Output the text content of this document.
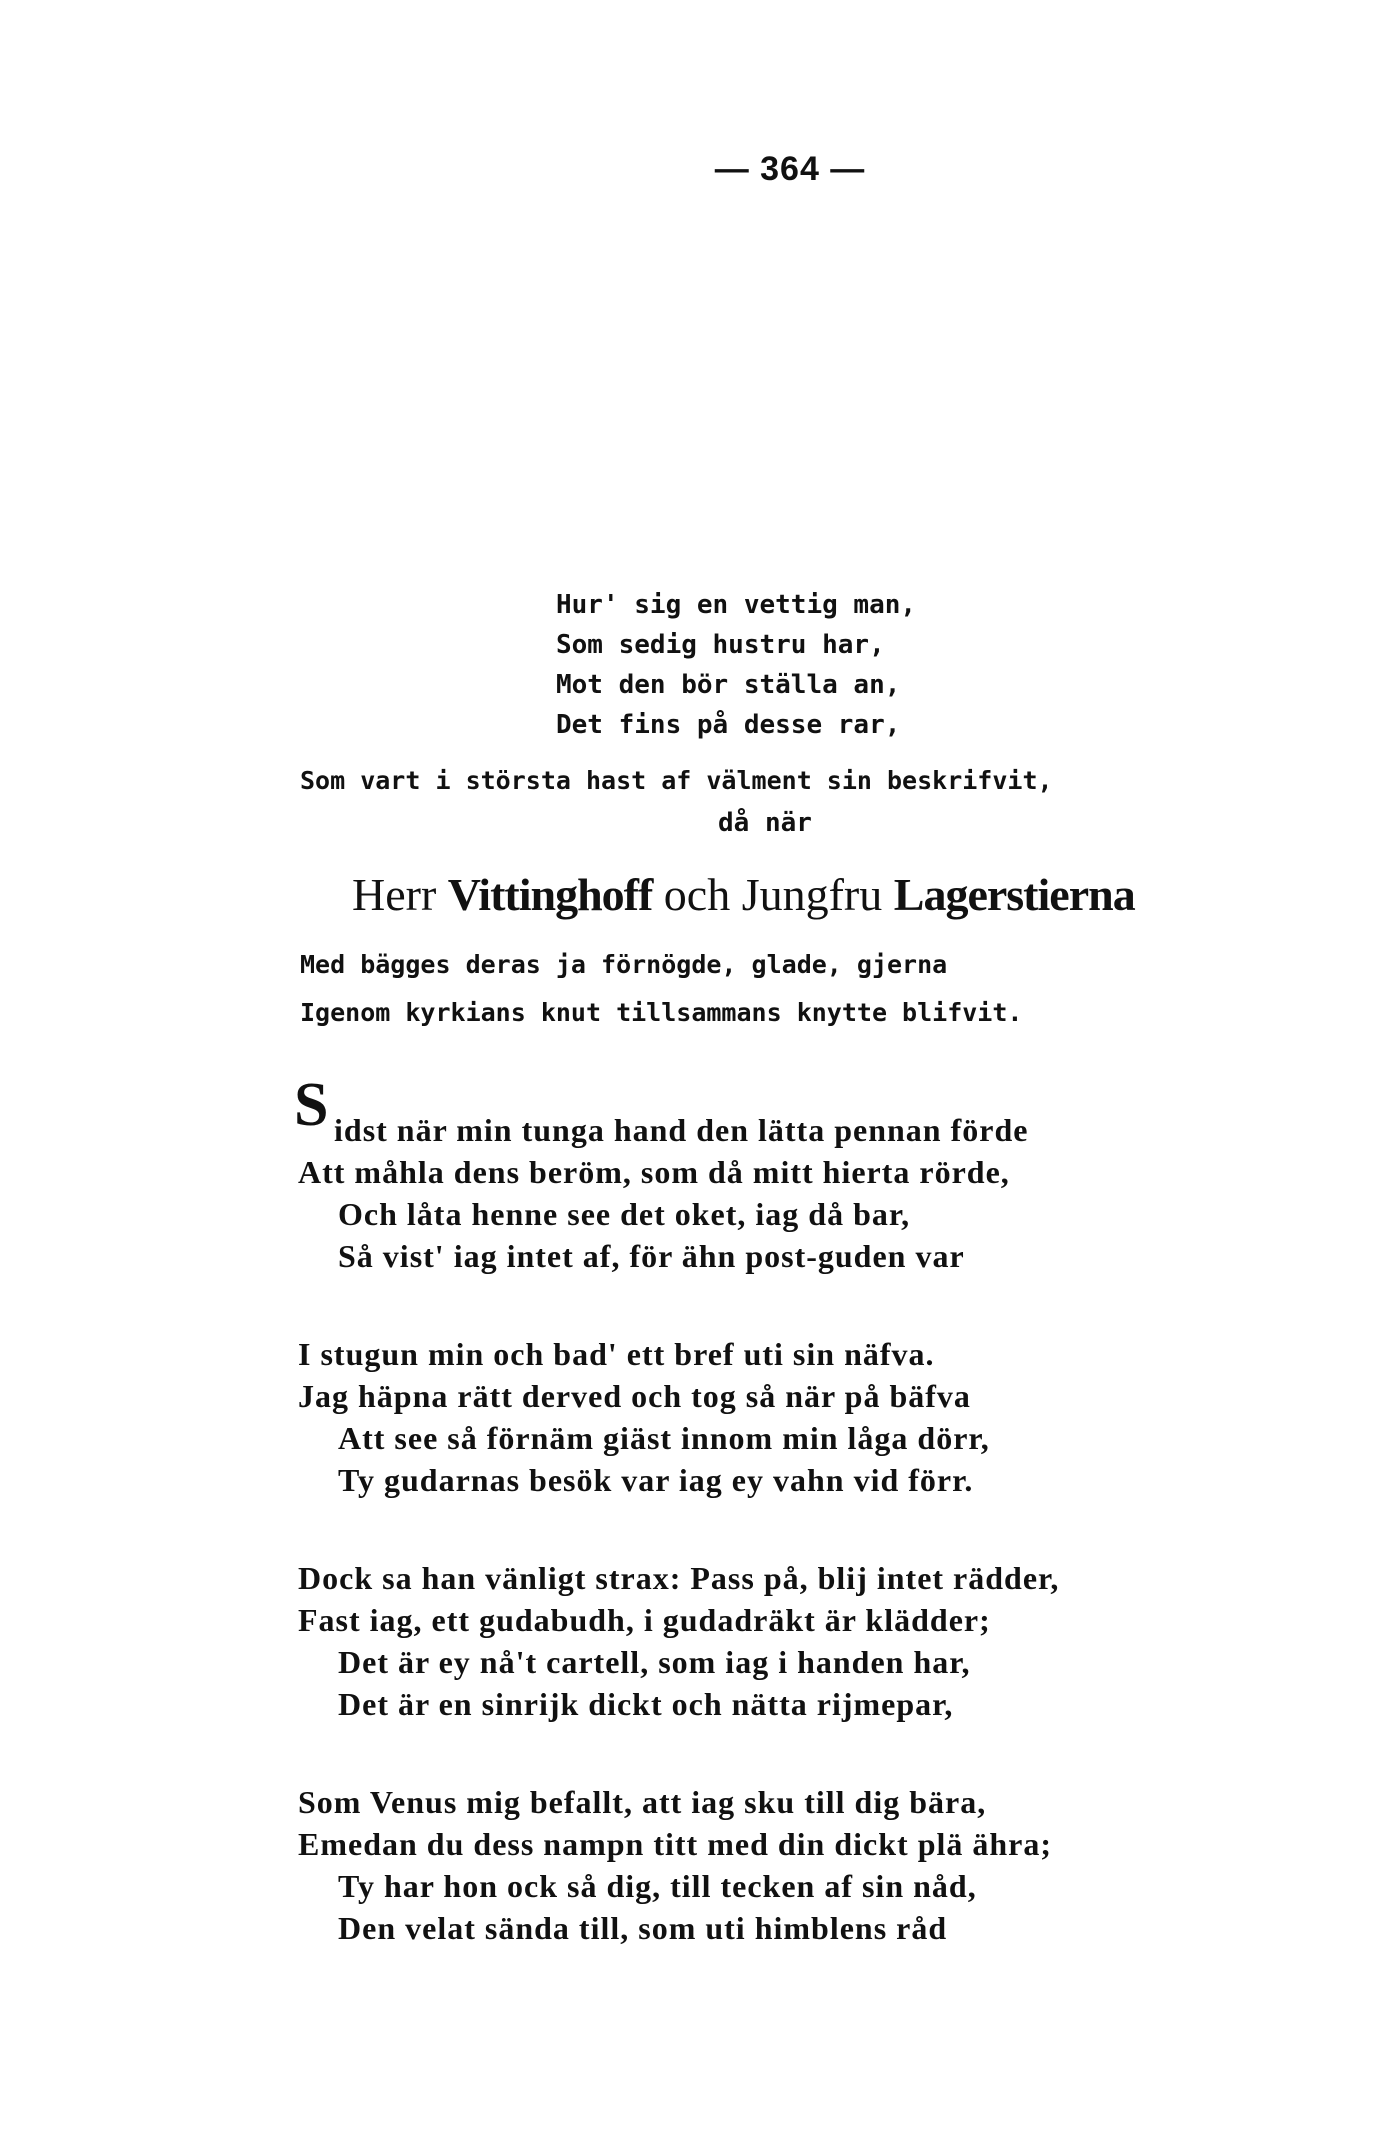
— 364 —
Hur' sig en vettig man,
Som sedig hustru har,
Mot den bör ställa an,
Det fins på desse rar,
Som vart i största hast af välment sin beskrifvit,
då när
Herr Vittinghoff och Jungfru Lagerstierna
Med bägges deras ja förnögde, glade, gjerna
Igenom kyrkians knut tillsammans knytte blifvit.
S idst när min tunga hand den lätta pennan förde
Att måhla dens beröm, som då mitt hierta rörde,
Och låta henne see det oket, iag då bar,
Så vist' iag intet af, för ähn post-guden var
I stugun min och bad' ett bref uti sin näfva.
Jag häpna rätt derved och tog så när på bäfva
Att see så förnäm giäst innom min låga dörr,
Ty gudarnas besök var iag ey vahn vid förr.
Dock sa han vänligt strax: Pass på, blij intet rädder,
Fast iag, ett gudabudh, i gudadräkt är klädder;
Det är ey nå't cartell, som iag i handen har,
Det är en sinrijk dickt och nätta rijmepar,
Som Venus mig befallt, att iag sku till dig bära,
Emedan du dess nampn titt med din dickt plä ähra;
Ty har hon ock så dig, till tecken af sin nåd,
Den velat sända till, som uti himblens råd
